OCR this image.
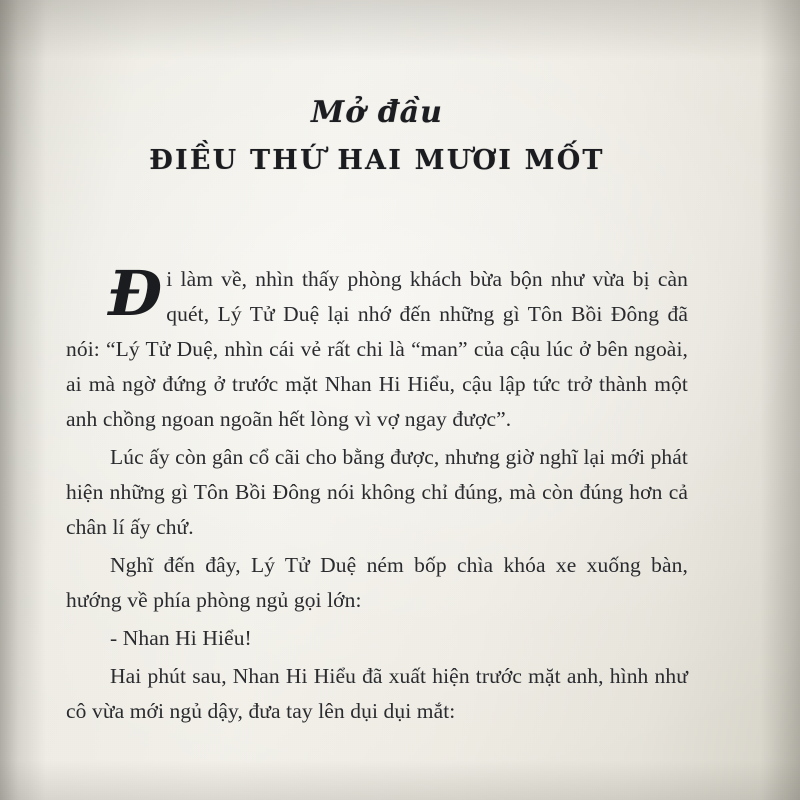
Mở đầu
ĐIỀU THỨ HAI MƯƠI MỐT

Đi làm về, nhìn thấy phòng khách bừa bộn như vừa bị càn quét, Lý Tử Duệ lại nhớ đến những gì Tôn Bồi Đông đã nói: “Lý Tử Duệ, nhìn cái vẻ rất chi là “man” của cậu lúc ở bên ngoài, ai mà ngờ đứng ở trước mặt Nhan Hi Hiểu, cậu lập tức trở thành một anh chồng ngoan ngoãn hết lòng vì vợ ngay được”.

Lúc ấy còn gân cổ cãi cho bằng được, nhưng giờ nghĩ lại mới phát hiện những gì Tôn Bồi Đông nói không chỉ đúng, mà còn đúng hơn cả chân lí ấy chứ.

Nghĩ đến đây, Lý Tử Duệ ném bốp chìa khóa xe xuống bàn, hướng về phía phòng ngủ gọi lớn:

- Nhan Hi Hiểu!

Hai phút sau, Nhan Hi Hiểu đã xuất hiện trước mặt anh, hình như cô vừa mới ngủ dậy, đưa tay lên dụi dụi mắt:
